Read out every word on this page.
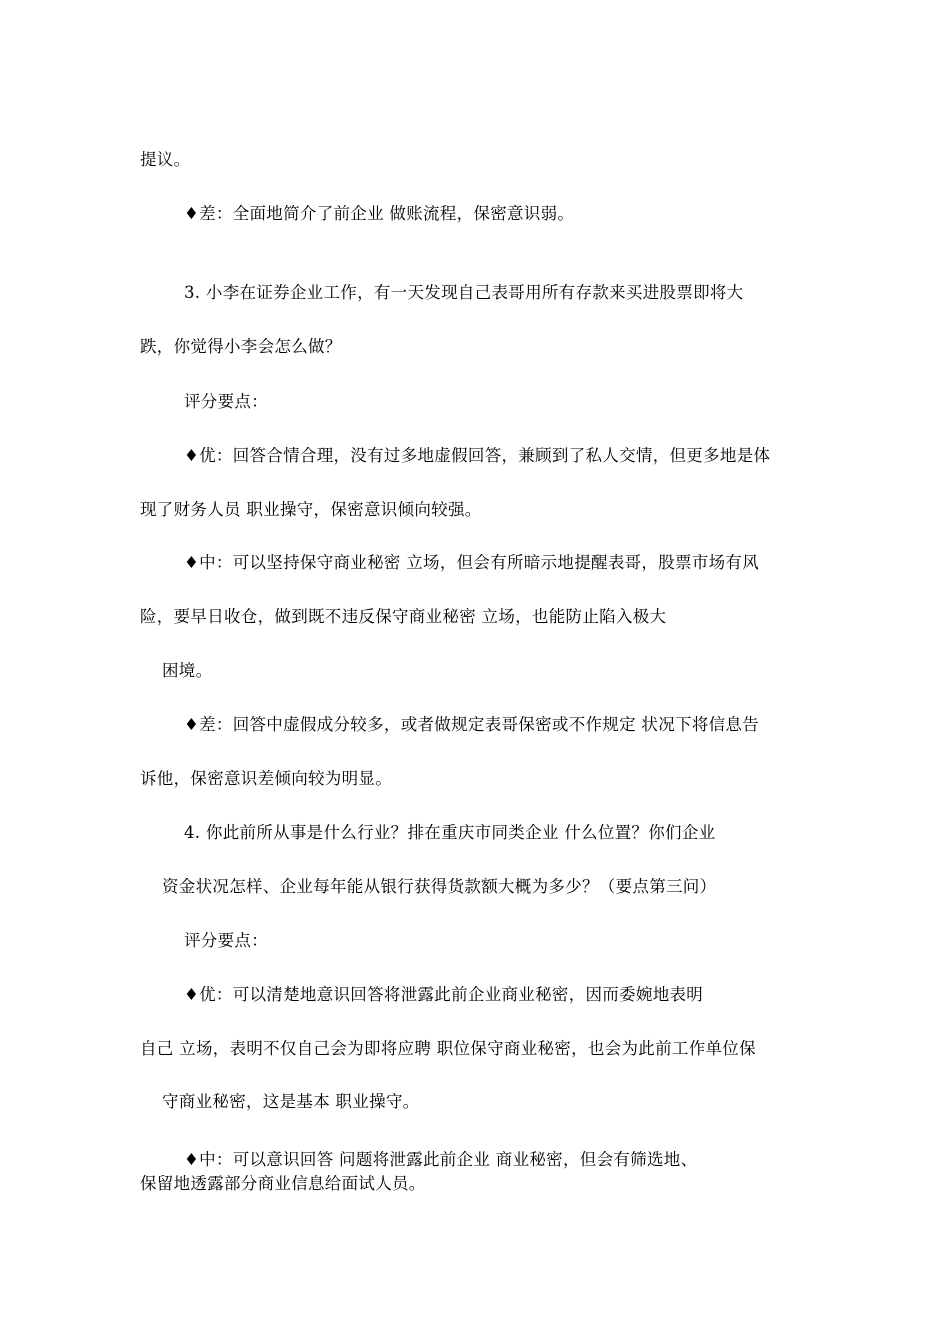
提议。
♦差：全面地简介了前企业 做账流程，保密意识弱。
3. 小李在证券企业工作，有一天发现自己表哥用所有存款来买进股票即将大
跌，你觉得小李会怎么做？
评分要点：
♦优：回答合情合理，没有过多地虚假回答，兼顾到了私人交情，但更多地是体
现了财务人员 职业操守，保密意识倾向较强。
♦中：可以坚持保守商业秘密 立场，但会有所暗示地提醒表哥，股票市场有风
险，要早日收仓，做到既不违反保守商业秘密 立场，也能防止陷入极大
困境。
♦差：回答中虚假成分较多，或者做规定表哥保密或不作规定 状况下将信息告
诉他，保密意识差倾向较为明显。
4. 你此前所从事是什么行业？排在重庆市同类企业 什么位置？你们企业
资金状况怎样、企业每年能从银行获得货款额大概为多少？（要点第三问）
评分要点：
♦优：可以清楚地意识回答将泄露此前企业商业秘密，因而委婉地表明
自己 立场，表明不仅自己会为即将应聘 职位保守商业秘密，也会为此前工作单位保
守商业秘密，这是基本 职业操守。
♦中：可以意识回答 问题将泄露此前企业 商业秘密，但会有筛选地、
保留地透露部分商业信息给面试人员。
